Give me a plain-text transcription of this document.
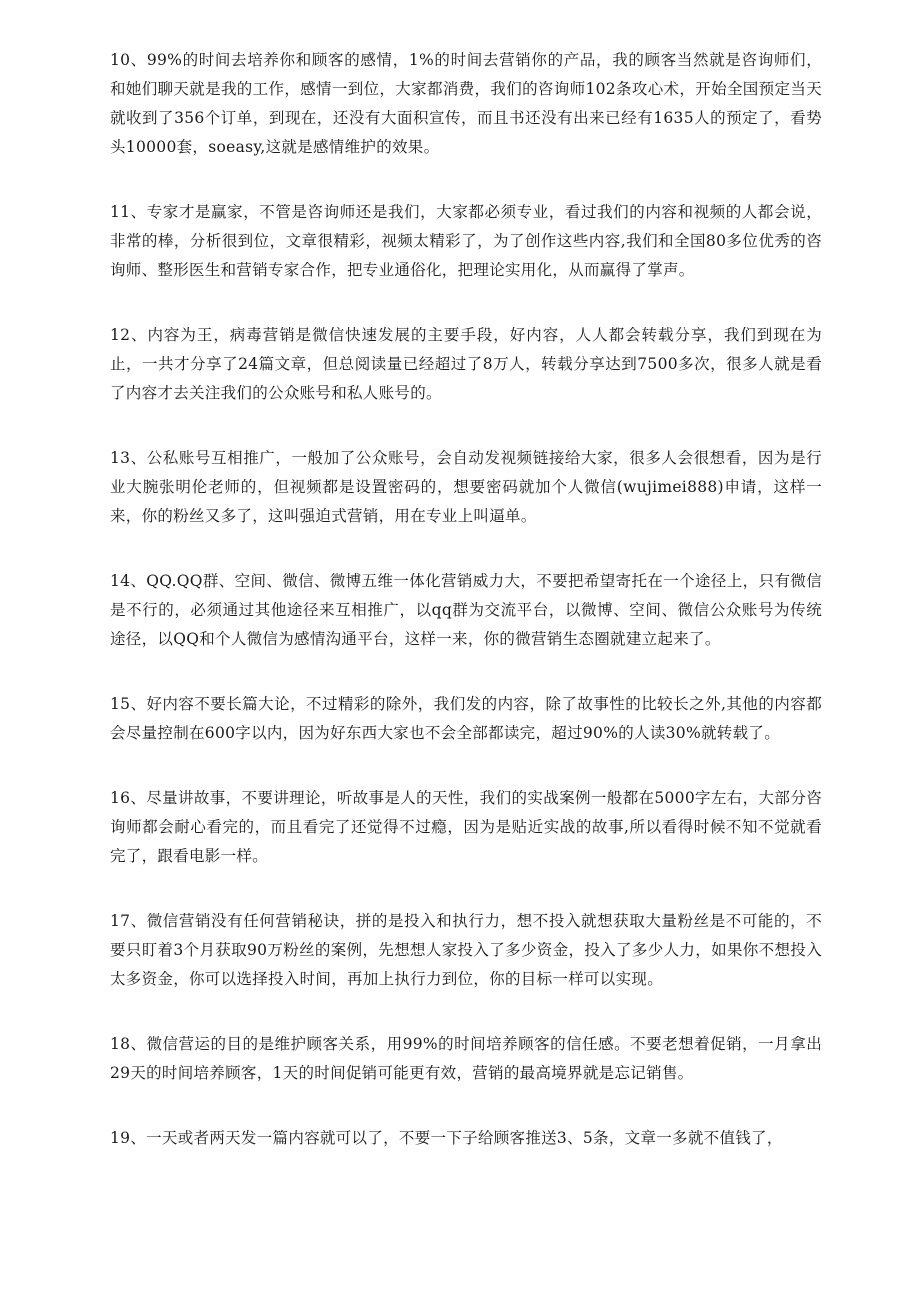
10、99%的时间去培养你和顾客的感情，1%的时间去营销你的产品，我的顾客当然就是咨询师们，和她们聊天就是我的工作，感情一到位，大家都消费，我们的咨询师102条攻心术，开始全国预定当天就收到了356个订单，到现在，还没有大面积宣传，而且书还没有出来已经有1635人的预定了，看势头10000套，soeasy,这就是感情维护的效果。

11、专家才是赢家，不管是咨询师还是我们，大家都必须专业，看过我们的内容和视频的人都会说，非常的棒，分析很到位，文章很精彩，视频太精彩了，为了创作这些内容,我们和全国80多位优秀的咨询师、整形医生和营销专家合作，把专业通俗化，把理论实用化，从而赢得了掌声。

12、内容为王，病毒营销是微信快速发展的主要手段，好内容，人人都会转载分享，我们到现在为止，一共才分享了24篇文章，但总阅读量已经超过了8万人，转载分享达到7500多次，很多人就是看了内容才去关注我们的公众账号和私人账号的。

13、公私账号互相推广，一般加了公众账号，会自动发视频链接给大家，很多人会很想看，因为是行业大腕张明伦老师的，但视频都是设置密码的，想要密码就加个人微信(wujimei888)申请，这样一来，你的粉丝又多了，这叫强迫式营销，用在专业上叫逼单。

14、QQ.QQ群、空间、微信、微博五维一体化营销威力大，不要把希望寄托在一个途径上，只有微信是不行的，必须通过其他途径来互相推广，以qq群为交流平台，以微博、空间、微信公众账号为传统途径，以QQ和个人微信为感情沟通平台，这样一来，你的微营销生态圈就建立起来了。

15、好内容不要长篇大论，不过精彩的除外，我们发的内容，除了故事性的比较长之外,其他的内容都会尽量控制在600字以内，因为好东西大家也不会全部都读完，超过90%的人读30%就转载了。

16、尽量讲故事，不要讲理论，听故事是人的天性，我们的实战案例一般都在5000字左右，大部分咨询师都会耐心看完的，而且看完了还觉得不过瘾，因为是贴近实战的故事,所以看得时候不知不觉就看完了，跟看电影一样。

17、微信营销没有任何营销秘诀，拼的是投入和执行力，想不投入就想获取大量粉丝是不可能的，不要只盯着3个月获取90万粉丝的案例，先想想人家投入了多少资金，投入了多少人力，如果你不想投入太多资金，你可以选择投入时间，再加上执行力到位，你的目标一样可以实现。

18、微信营运的目的是维护顾客关系，用99%的时间培养顾客的信任感。不要老想着促销，一月拿出29天的时间培养顾客，1天的时间促销可能更有效，营销的最高境界就是忘记销售。

19、一天或者两天发一篇内容就可以了，不要一下子给顾客推送3、5条，文章一多就不值钱了，
